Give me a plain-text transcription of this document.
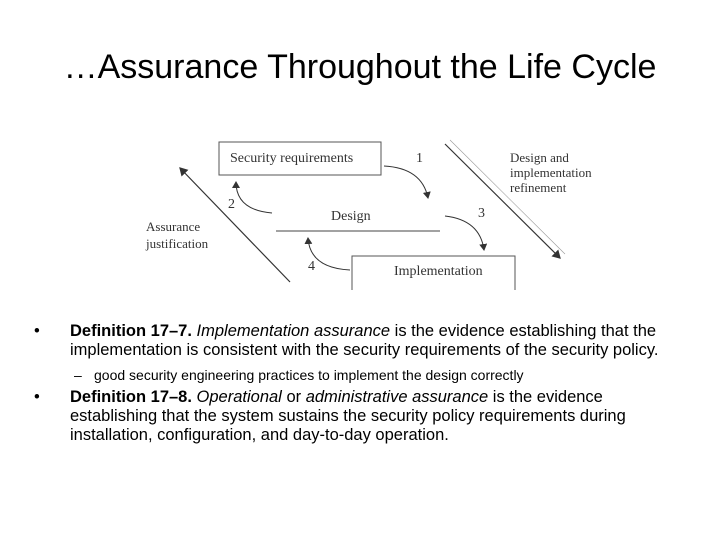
…Assurance Throughout the Life Cycle
Security requirements
Design
Implementation
Assurance
justification
Design and
implementation
refinement
1
2
3
4
• Definition 17–7. Implementation assurance is the evidence establishing that the implementation is consistent with the security requirements of the security policy.
– good security engineering practices to implement the design correctly
• Definition 17–8. Operational or administrative assurance is the evidence establishing that the system sustains the security policy requirements during installation, configuration, and day-to-day operation.
